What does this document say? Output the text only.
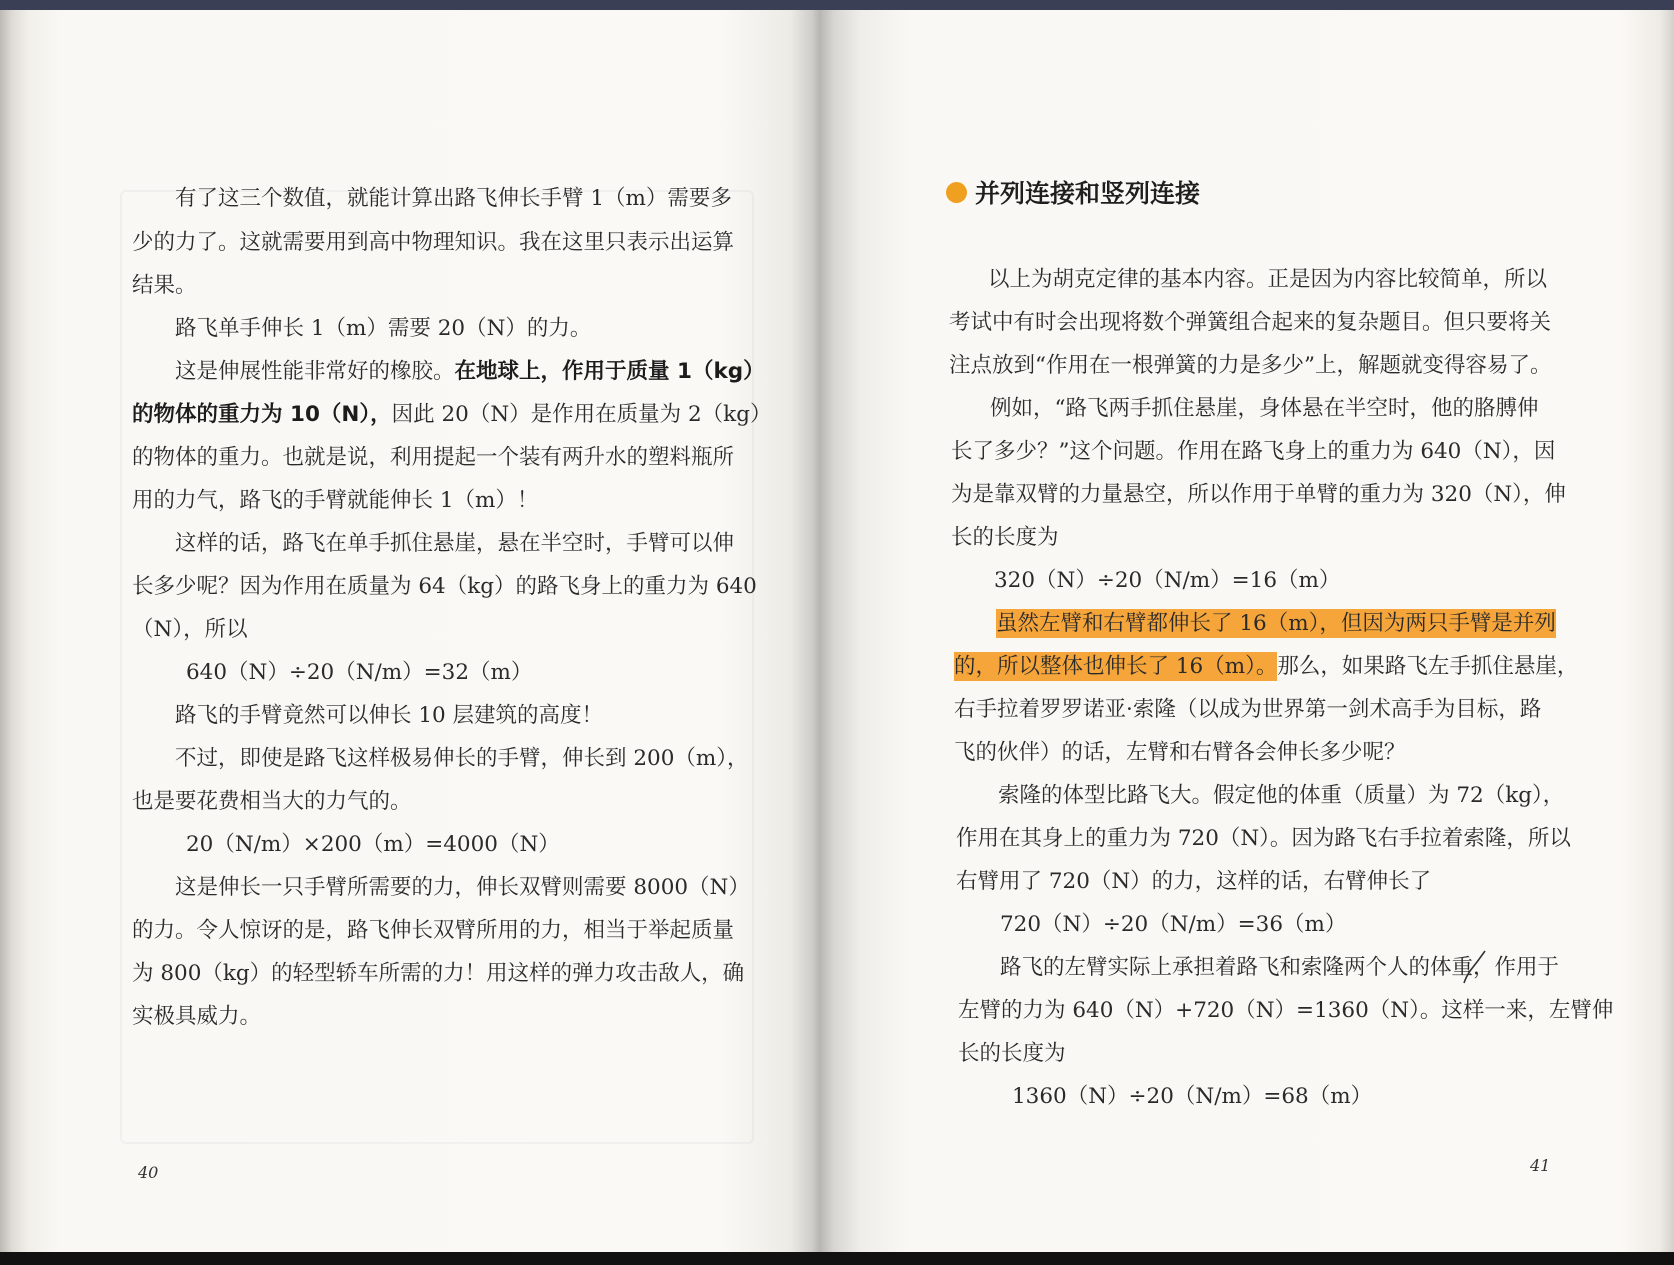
有了这三个数值，就能计算出路飞伸长手臂 1（m）需要多

少的力了。这就需要用到高中物理知识。我在这里只表示出运算

结果。

路飞单手伸长 1（m）需要 20（N）的力。

这是伸展性能非常好的橡胶。在地球上，作用于质量 1（kg）

的物体的重力为 10（N），因此 20（N）是作用在质量为 2（kg）

的物体的重力。也就是说，利用提起一个装有两升水的塑料瓶所

用的力气，路飞的手臂就能伸长 1（m）！

这样的话，路飞在单手抓住悬崖，悬在半空时，手臂可以伸

长多少呢？因为作用在质量为 64（kg）的路飞身上的重力为 640

（N），所以

640（N）÷20（N/m）=32（m）

路飞的手臂竟然可以伸长 10 层建筑的高度！

不过，即使是路飞这样极易伸长的手臂，伸长到 200（m），

也是要花费相当大的力气的。

20（N/m）×200（m）=4000（N）

这是伸长一只手臂所需要的力，伸长双臂则需要 8000（N）

的力。令人惊讶的是，路飞伸长双臂所用的力，相当于举起质量

为 800（kg）的轻型轿车所需的力！用这样的弹力攻击敌人，确

实极具威力。

40
并列连接和竖列连接

以上为胡克定律的基本内容。正是因为内容比较简单，所以

考试中有时会出现将数个弹簧组合起来的复杂题目。但只要将关

注点放到“作用在一根弹簧的力是多少”上，解题就变得容易了。

例如，“路飞两手抓住悬崖，身体悬在半空时，他的胳膊伸

长了多少？”这个问题。作用在路飞身上的重力为 640（N），因

为是靠双臂的力量悬空，所以作用于单臂的重力为 320（N），伸

长的长度为

320（N）÷20（N/m）=16（m）

虽然左臂和右臂都伸长了 16（m），但因为两只手臂是并列

的，所以整体也伸长了 16（m）。那么，如果路飞左手抓住悬崖，

右手拉着罗罗诺亚·索隆（以成为世界第一剑术高手为目标，路

飞的伙伴）的话，左臂和右臂各会伸长多少呢？

索隆的体型比路飞大。假定他的体重（质量）为 72（kg），

作用在其身上的重力为 720（N）。因为路飞右手拉着索隆，所以

右臂用了 720（N）的力，这样的话，右臂伸长了

720（N）÷20（N/m）=36（m）

路飞的左臂实际上承担着路飞和索隆两个人的体重，作用于

左臂的力为 640（N）+720（N）=1360（N）。这样一来，左臂伸

长的长度为

1360（N）÷20（N/m）=68（m）

41
